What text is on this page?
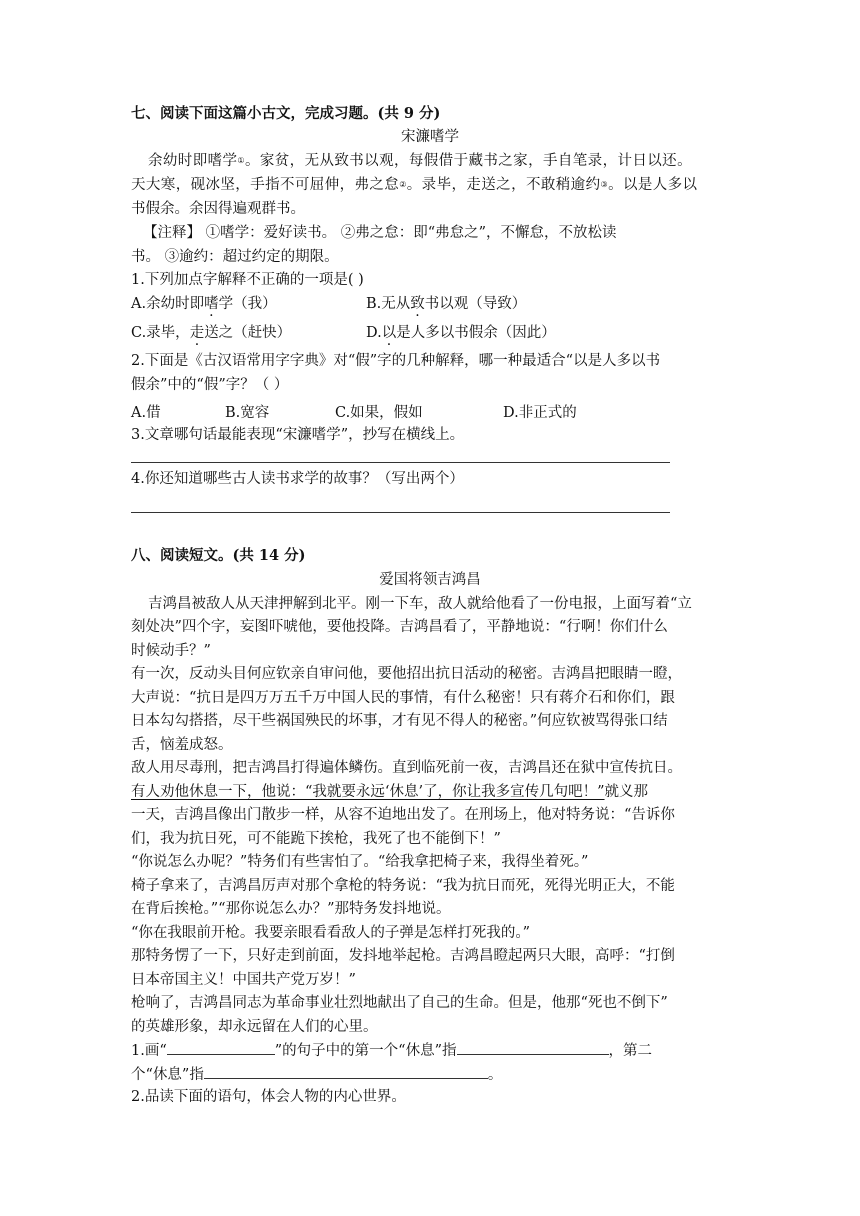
七、阅读下面这篇小古文，完成习题。(共 9 分)
宋濂嗜学
余幼时即嗜学①。家贫，无从致书以观，每假借于藏书之家，手自笔录，计日以还。
天大寒，砚冰坚，手指不可屈伸，弗之怠②。录毕，走送之，不敢稍逾约③。以是人多以
书假余。余因得遍观群书。
【注释】 ①嗜学：爱好读书。 ②弗之怠：即“弗怠之”，不懈怠，不放松读
书。 ③逾约：超过约定的期限。
1.下列加点字解释不正确的一项是( )
A.余幼时即嗜学（我）	B.无从致书以观（导致）
C.录毕，走送之（赶快）	D.以是人多以书假余（因此）
2.下面是《古汉语常用字字典》对“假”字的几种解释，哪一种最适合“以是人多以书
假余”中的“假”字？（ ）
A.借	B.宽容	C.如果，假如	D.非正式的
3.文章哪句话最能表现“宋濂嗜学”，抄写在横线上。
4.你还知道哪些古人读书求学的故事？（写出两个）
八、阅读短文。(共 14 分)
爱国将领吉鸿昌
吉鸿昌被敌人从天津押解到北平。刚一下车，敌人就给他看了一份电报，上面写着“立
刻处决”四个字，妄图吓唬他，要他投降。吉鸿昌看了，平静地说：“行啊！你们什么
时候动手？”
有一次，反动头目何应钦亲自审问他，要他招出抗日活动的秘密。吉鸿昌把眼睛一瞪，
大声说：“抗日是四万万五千万中国人民的事情，有什么秘密！只有蒋介石和你们，跟
日本勾勾搭搭，尽干些祸国殃民的坏事，才有见不得人的秘密。”何应钦被骂得张口结
舌，恼羞成怒。
敌人用尽毒刑，把吉鸿昌打得遍体鳞伤。直到临死前一夜，吉鸿昌还在狱中宣传抗日。
有人劝他休息一下，他说：“我就要永远‘休息’了，你让我多宣传几句吧！”就义那
一天，吉鸿昌像出门散步一样，从容不迫地出发了。在刑场上，他对特务说：“告诉你
们，我为抗日死，可不能跪下挨枪，我死了也不能倒下！”
“你说怎么办呢？”特务们有些害怕了。“给我拿把椅子来，我得坐着死。”
椅子拿来了，吉鸿昌厉声对那个拿枪的特务说：“我为抗日而死，死得光明正大，不能
在背后挨枪。”“那你说怎么办？”那特务发抖地说。
“你在我眼前开枪。我要亲眼看看敌人的子弹是怎样打死我的。”
那特务愣了一下，只好走到前面，发抖地举起枪。吉鸿昌瞪起两只大眼，高呼：“打倒
日本帝国主义！中国共产党万岁！”
枪响了，吉鸿昌同志为革命事业壮烈地献出了自己的生命。但是，他那“死也不倒下”
的英雄形象，却永远留在人们的心里。
1.画“	”的句子中的第一个“休息”指	，第二
个“休息”指	。
2.品读下面的语句，体会人物的内心世界。
